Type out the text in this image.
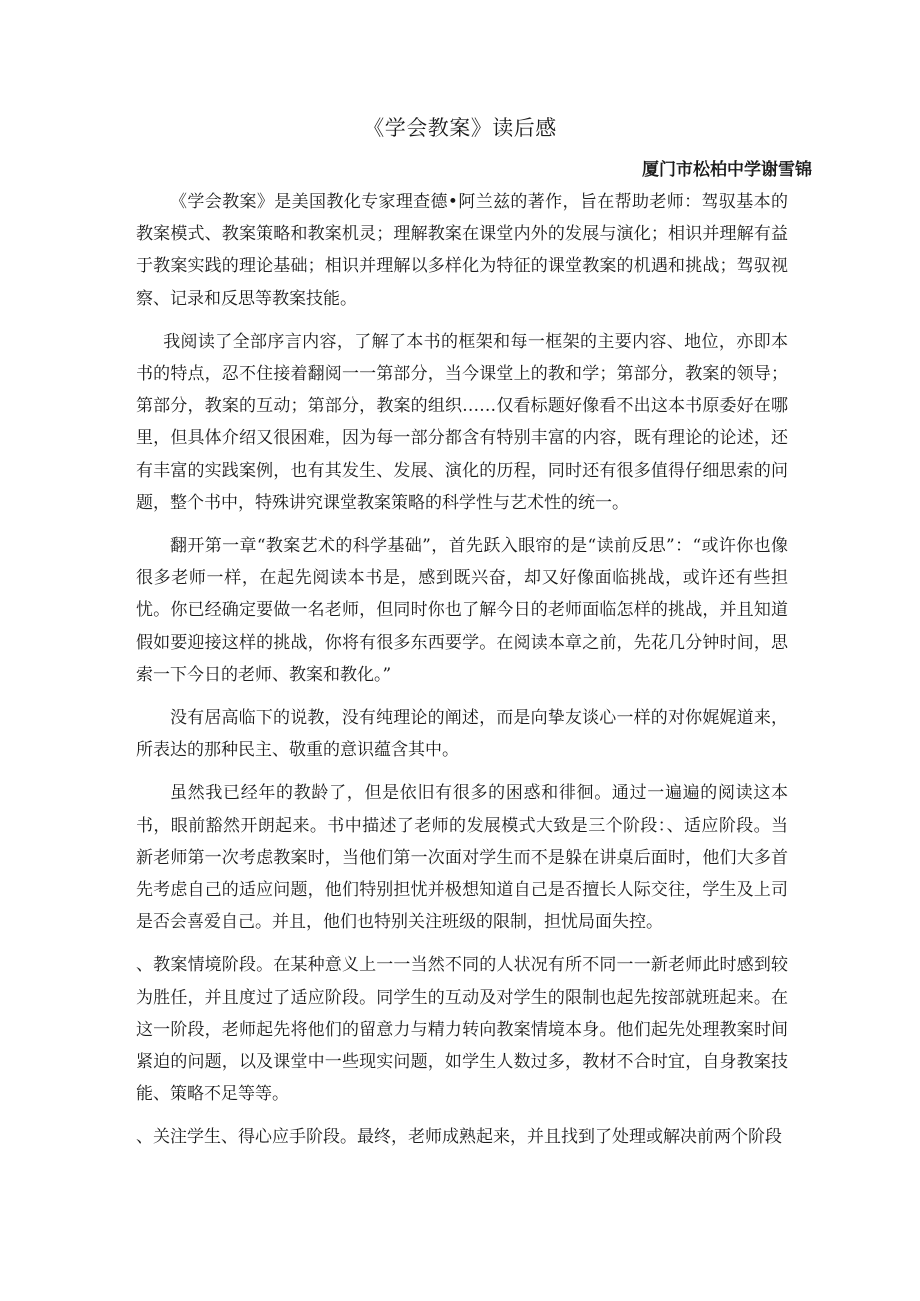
《学会教案》读后感
厦门市松柏中学谢雪锦

《学会教案》是美国教化专家理查德•阿兰兹的著作，旨在帮助老师：驾驭基本的教案模式、教案策略和教案机灵；理解教案在课堂内外的发展与演化；相识并理解有益于教案实践的理论基础；相识并理解以多样化为特征的课堂教案的机遇和挑战；驾驭视察、记录和反思等教案技能。

我阅读了全部序言内容，了解了本书的框架和每一框架的主要内容、地位，亦即本书的特点，忍不住接着翻阅一一第部分，当今课堂上的教和学；第部分，教案的领导；第部分，教案的互动；第部分，教案的组织……仅看标题好像看不出这本书原委好在哪里，但具体介绍又很困难，因为每一部分都含有特别丰富的内容，既有理论的论述，还有丰富的实践案例，也有其发生、发展、演化的历程，同时还有很多值得仔细思索的问题，整个书中，特殊讲究课堂教案策略的科学性与艺术性的统一。

翻开第一章“教案艺术的科学基础”，首先跃入眼帘的是“读前反思”：“或许你也像很多老师一样，在起先阅读本书是，感到既兴奋，却又好像面临挑战，或许还有些担忧。你已经确定要做一名老师，但同时你也了解今日的老师面临怎样的挑战，并且知道假如要迎接这样的挑战，你将有很多东西要学。在阅读本章之前，先花几分钟时间，思索一下今日的老师、教案和教化。”

没有居高临下的说教，没有纯理论的阐述，而是向挚友谈心一样的对你娓娓道来，所表达的那种民主、敬重的意识蕴含其中。

虽然我已经年的教龄了，但是依旧有很多的困惑和徘徊。通过一遍遍的阅读这本书，眼前豁然开朗起来。书中描述了老师的发展模式大致是三个阶段：、适应阶段。当新老师第一次考虑教案时，当他们第一次面对学生而不是躲在讲桌后面时，他们大多首先考虑自己的适应问题，他们特别担忧并极想知道自己是否擅长人际交往，学生及上司是否会喜爱自己。并且，他们也特别关注班级的限制，担忧局面失控。

、教案情境阶段。在某种意义上一一当然不同的人状况有所不同一一新老师此时感到较为胜任，并且度过了适应阶段。同学生的互动及对学生的限制也起先按部就班起来。在这一阶段，老师起先将他们的留意力与精力转向教案情境本身。他们起先处理教案时间紧迫的问题，以及课堂中一些现实问题，如学生人数过多，教材不合时宜，自身教案技能、策略不足等等。

、关注学生、得心应手阶段。最终，老师成熟起来，并且找到了处理或解决前两个阶段
